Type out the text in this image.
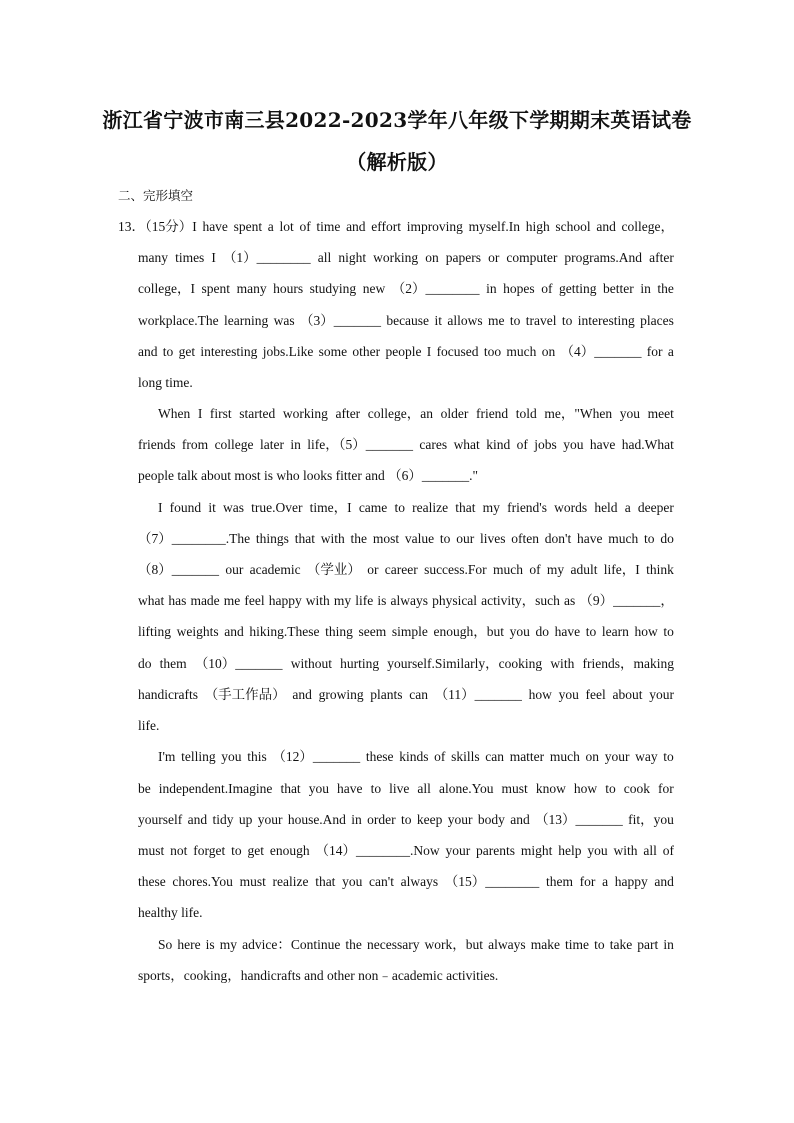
浙江省宁波市南三县2022-2023学年八年级下学期期末英语试卷
（解析版）
二、完形填空
13．（15分）I have spent a lot of time and effort improving myself.In high school and college，
many times I （1）________ all night working on papers or computer programs.And after
college，I spent many hours studying new （2）________ in hopes of getting better in the
workplace.The learning was （3）_______ because it allows me to travel to interesting places
and to get interesting jobs.Like some other people I focused too much on （4）_______ for a
long time.
When I first started working after college，an older friend told me，"When you meet
friends from college later in life，（5）_______ cares what kind of jobs you have had.What
people talk about most is who looks fitter and （6）_______."
I found it was true.Over time，I came to realize that my friend's words held a deeper
（7）________.The things that with the most value to our lives often don't have much to do
（8）_______ our academic （学业） or career success.For much of my adult life，I think
what has made me feel happy with my life is always physical activity，such as （9）_______，
lifting weights and hiking.These thing seem simple enough，but you do have to learn how to
do them （10）_______ without hurting yourself.Similarly，cooking with friends，making
handicrafts （手工作品） and growing plants can （11）_______ how you feel about your
life.
I'm telling you this （12）_______ these kinds of skills can matter much on your way to
be independent.Imagine that you have to live all alone.You must know how to cook for
yourself and tidy up your house.And in order to keep your body and （13）_______ fit，you
must not forget to get enough （14）________.Now your parents might help you with all of
these chores.You must realize that you can't always （15）________ them for a happy and
healthy life.
So here is my advice：Continue the necessary work，but always make time to take part in
sports，cooking，handicrafts and other non﹣academic activities.
